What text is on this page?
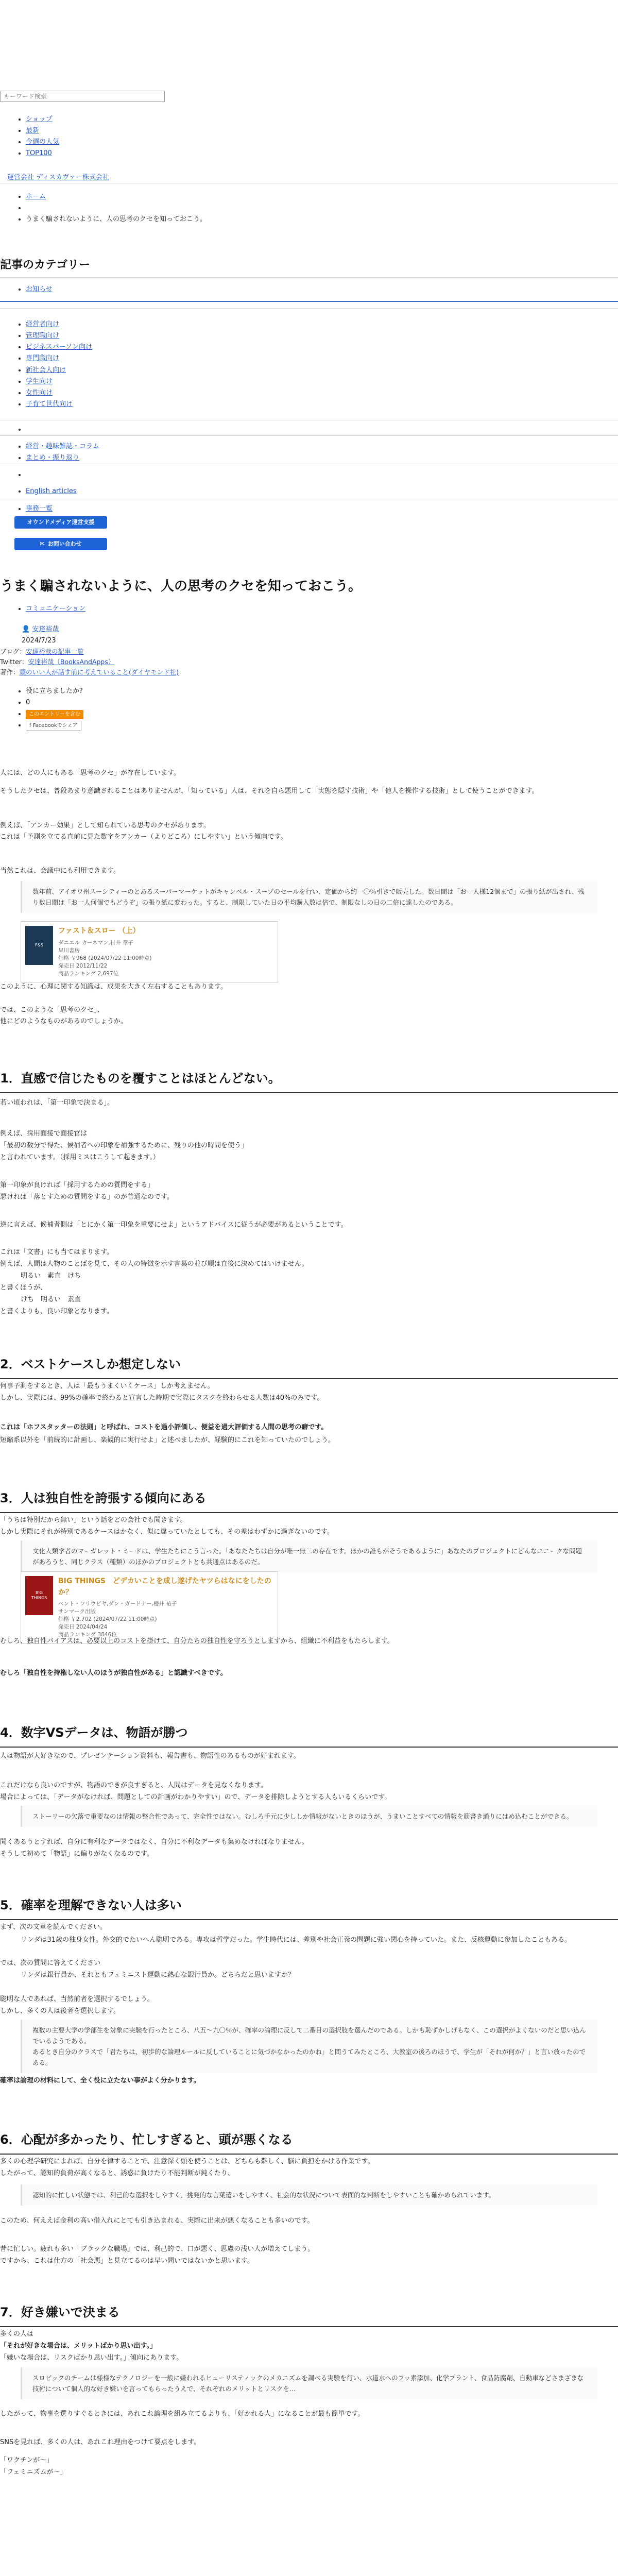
キーワード検索
• ショップ
• 最新
• 今週の人気
• TOP100
運営会社 ディスカヴァー株式会社
• ホーム
•
• うまく騙されないように、人の思考のクセを知っておこう。
記事のカテゴリー
• お知らせ
• 経営者向け
• 管理職向け
• ビジネスパーソン向け
• 専門職向け
• 新社会人向け
• 学生向け
• 女性向け
• 子育て世代向け
• 経営・趣味雑誌・コラム
• まとめ・振り返り
• English articles
• 事務一覧
オウンドメディア運営支援
✉ お問い合わせ
うまく騙されないように、人の思考のクセを知っておこう。
• コミュニケーション
👤 安達裕哉
2024/7/23
ブログ：安達裕哉の記事一覧
Twitter：安達裕哉（BooksAndApps）
著作：頭のいい人が話す前に考えていること(ダイヤモンド社)
• 役に立ちましたか?
• 0
• このエントリーを含む
• f Facebookでシェア
人には、どの人にもある「思考のクセ」が存在しています。
そうしたクセは、普段あまり意識されることはありませんが、「知っている」人は、それを自ら悪用して「実態を隠す技術」や「他人を操作する技術」として使うことができます。
例えば、「アンカー効果」として知られている思考のクセがあります。
これは「予測を立てる直前に見た数字をアンカー（よりどころ）にしやすい」という傾向です。
当然これは、会議中にも利用できます。
数年前、アイオワ州スーシティーのとあるスーパーマーケットがキャンベル・スープのセールを行い、定価から約一〇％引きで販売した。数日間は「お一人様12個まで」の張り紙が出され、残り数日間は「お一人何個でもどうぞ」の張り紙に変わった。すると、制限していた日の平均購入数は倍で、制限なしの日の二倍に達したのである。
F&S
ファスト＆スロー （上）
ダニエル カーネマン,村井 章子
早川書房
価格 ￥968 (2024/07/22 11:00時点)
発売日 2012/11/22
商品ランキング 2,697位
このように、心理に関する知識は、成果を大きく左右することもあります。
では、このような「思考のクセ」、
他にどのようなものがあるのでしょうか。
1．直感で信じたものを覆すことはほとんどない。
若い頃われは、「第一印象で決まる」。
例えば、採用面接で面接官は
「最初の数分で得た、候補者への印象を補強するために、残りの他の時間を使う」
と言われています。（採用ミスはこうして起きます。）
第一印象が良ければ「採用するための質問をする」
悪ければ「落とすための質問をする」のが普通なのです。
逆に言えば、候補者側は「とにかく第一印象を重要にせよ」というアドバイスに従うが必要があるということです。
これは「文書」にも当てはまります。
例えば、人間は人物のことばを見て、その人の特徴を示す言葉の並び順は直後に決めてはいけません。
明るい　素直　けち
と書くほうが、
けち　明るい　素直
と書くよりも、良い印象となります。
2．ベストケースしか想定しない
何事予測をするとき、人は「最もうまくいくケース」しか考えません。
しかし、実際には、99%の確率で終わると宣言した時期で実際にタスクを終わらせる人数は40%のみです。
これは「ホフスタッターの法則」と呼ばれ、コストを過小評価し、便益を過大評価する人間の思考の癖です。
短縮系以外を「前続的に計画し、楽観的に実行せよ」と述べましたが、経験的にこれを知っていたのでしょう。
3．人は独自性を誇張する傾向にある
「うちは特別だから無い」という話をどの会社でも聞きます。
しかし実際にそれが特別であるケースはかなく、似に違っていたとしても、その差はわずかに過ぎないのです。
文化人類学者のマーガレット・ミードは、学生たちにこう言った。「あなたたちは自分が唯一無二の存在です。ほかの誰もがそうであるように」あなたのプロジェクトにどんなユニークな問題があろうと、同じクラス（種類）のほかのプロジェクトとも共通点はあるのだ。
BIG
THINGS
BIG THINGS　どデカいことを成し遂げたヤツらはなにをしたのか？
ベント・フリウビヤ,ダン・ガードナー,櫻井 祐子
サンマーク出版
価格 ￥2,702 (2024/07/22 11:00時点)
発売日 2024/04/24
商品ランキング 3846位
むしろ、独自性バイアスは、必要以上のコストを掛けて、自分たちの独自性を守ろうとしますから、組織に不利益をもたらします。
むしろ「独自性を持権しない人のほうが独自性がある」と認識すべきです。
4．数字VSデータは、物語が勝つ
人は物語が大好きなので、プレゼンテーション資料も、報告書も、物語性のあるものが好まれます。
これだけなら良いのですが、物語のできが良すぎると、人間はデータを見なくなります。
場合によっては、「データがなければ、問題としての計画がわかりやすい」ので、データを排除しようとする人もいるくらいです。
ストーリーの欠落で重要なのは情報の整合性であって、完全性ではない。むしろ手元に少ししか情報がないときのほうが、うまいことすべての情報を筋書き通りにはめ込むことができる。
聞くあるうとすれば、自分に有利なデータではなく、自分に不利なデータも集めなければなりません。
そうして初めて「物語」に偏りがなくなるのです。
5．確率を理解できない人は多い
まず、次の文章を読んでください。
リンダは31歳の独身女性。外交的でたいへん聡明である。専攻は哲学だった。学生時代には、差別や社会正義の問題に強い関心を持っていた。また、反核運動に参加したこともある。
では、次の質問に答えてください
リンダは銀行員か、それともフェミニスト運動に熱心な銀行員か。どちらだと思いますか？
聡明な人であれば、当然前者を選択するでしょう。
しかし、多くの人は後者を選択します。
複数の主要大学の学部生を対象に実験を行ったところ、八五～九〇％が、確率の論理に反して二番目の選択肢を選んだのである。しかも恥ずかしげもなく、この選択がよくないのだと思い込んでいるようである。
あるとき自分のクラスで「君たちは、初歩的な論理ルールに反していることに気づかなかったのかね」と問うてみたところ、大教室の後ろのほうで、学生が「それが何か？」と言い放ったのである。
確率は論理の材料にして、全く役に立たない事がよく分かります。
6．心配が多かったり、忙しすぎると、頭が悪くなる
多くの心理学研究によれば、自分を律することで、注意深く頭を使うことは、どちらも難しく、脳に負担をかける作業です。
したがって、認知的負荷が高くなると、誘惑に負けたり不能判断が鈍くたり、
認知的に忙しい状態では、利己的な選択をしやすく、挑発的な言葉遣いをしやすく、社会的な状況について表面的な判断をしやすいことも確かめられています。
このため、何ええば金利の高い借入れにとても引き込まれる、実際に出来が悪くなることも多いのです。
昔に忙しい。疲れも多い「ブラックな職場」では、利己的で、口が悪く、思慮の浅い人が増えてしまう。
ですから、これは仕方の「社会悪」と見立てるのは早い問いではないかと思います。
7．好き嫌いで決まる
多くの人は
「それが好きな場合は、メリットばかり思い出す。」
「嫌いな場合は、リスクばかり思い出す。」傾向にあります。
スロビックのチームは様様なテクノロジーを一般に嫌われるヒューリスティックのメカニズムを調べる実験を行い、水道水へのフッ素添加、化学プラント、食品防腐剤、自動車などさまざまな技術について個人的な好き嫌いを言ってもらったうえで、それぞれのメリットとリスクを…
したがって、物事を選りすぐるときには、あれこれ論理を組み立てるよりも、「好かれる人」になることが最も簡単です。
SNSを見れば、多くの人は、あれこれ理由をつけて要点をします。
「ワクチンが〜」
「フェミニズムが〜」
